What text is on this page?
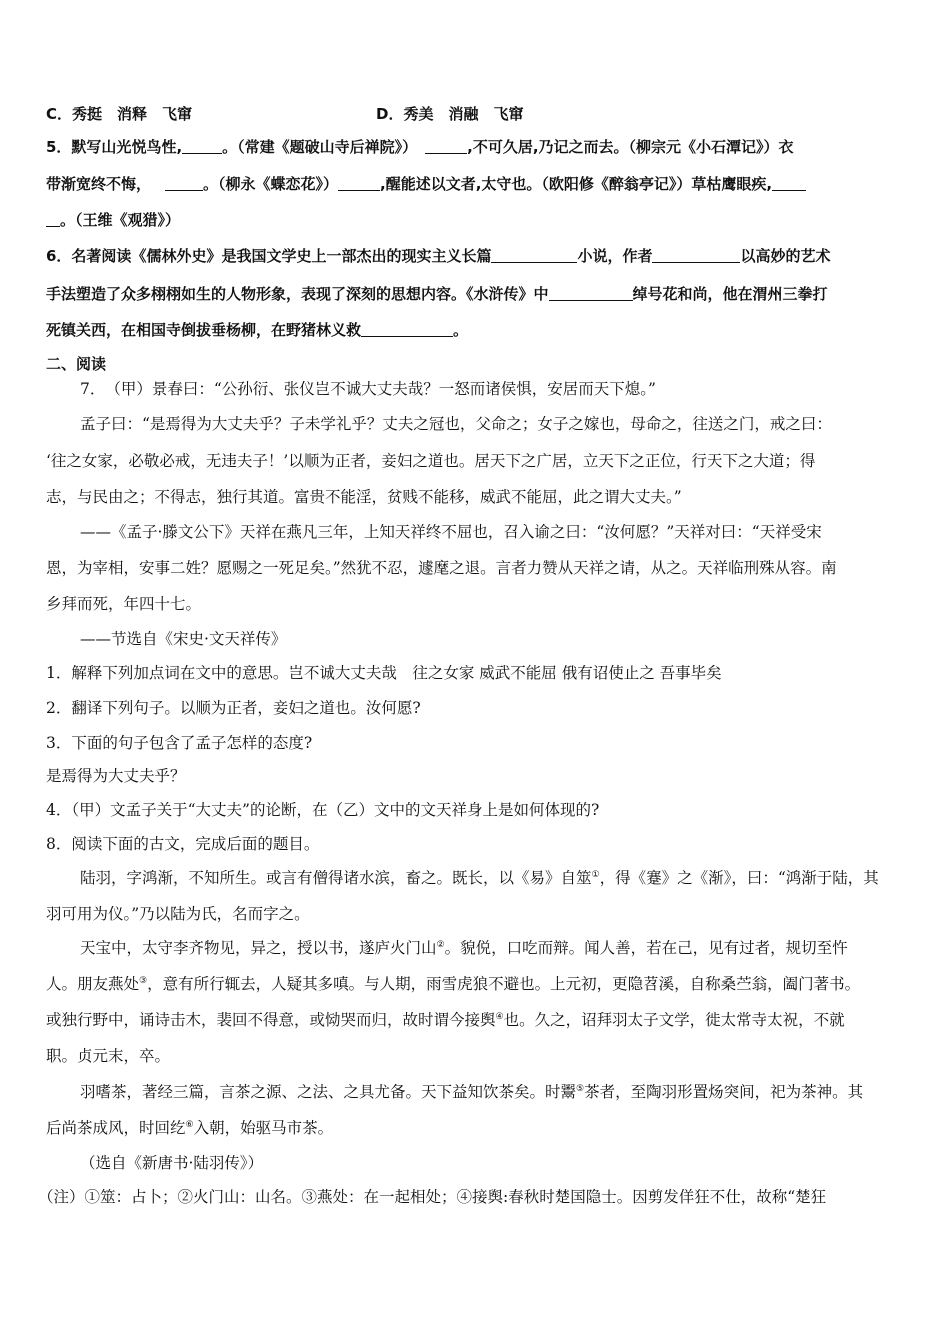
C．秀挺　消释　飞窜	D．秀美　消融　飞窜
5．默写山光悦鸟性,	。（常建《题破山寺后禅院》）	,不可久居,乃记之而去。（柳宗元《小石潭记》）衣
带渐宽终不悔，	。（柳永《蝶恋花》）	,醒能述以文者,太守也。（欧阳修《醉翁亭记》）草枯鹰眼疾,
。（王维《观猎》）
6．名著阅读《儒林外史》是我国文学史上一部杰出的现实主义长篇	小说，作者	以高妙的艺术
手法塑造了众多栩栩如生的人物形象，表现了深刻的思想内容。《水浒传》中	绰号花和尚，他在渭州三拳打
死镇关西，在相国寺倒拔垂杨柳，在野猪林义救	。
二、阅读
7．　（甲）景春曰：“公孙衍、张仪岂不诚大丈夫哉？一怒而诸侯惧，安居而天下熄。”
孟子曰：“是焉得为大丈夫乎？子未学礼乎？丈夫之冠也，父命之；女子之嫁也，母命之，往送之门，戒之曰：
‘往之女家，必敬必戒，无违夫子！’以顺为正者，妾妇之道也。居天下之广居，立天下之正位，行天下之大道；得
志，与民由之；不得志，独行其道。富贵不能淫，贫贱不能移，威武不能屈，此之谓大丈夫。”
——《孟子·滕文公下》天祥在燕凡三年，上知天祥终不屈也，召入谕之曰：“汝何愿？”天祥对曰：“天祥受宋
恩，为宰相，安事二姓？愿赐之一死足矣。”然犹不忍，遽麾之退。言者力赞从天祥之请，从之。天祥临刑殊从容。南
乡拜而死，年四十七。
——节选自《宋史·文天祥传》
1．解释下列加点词在文中的意思。岂不诚大丈夫哉　往之女家 威武不能屈 俄有诏使止之 吾事毕矣
2．翻译下列句子。以顺为正者，妾妇之道也。汝何愿?
3．下面的句子包含了孟子怎样的态度?
是焉得为大丈夫乎？
4．（甲）文孟子关于“大丈夫”的论断，在（乙）文中的文天祥身上是如何体现的?
8．阅读下面的古文，完成后面的题目。
陆羽，字鸿渐，不知所生。或言有僧得诸水滨，畜之。既长，以《易》自筮①，得《蹇》之《渐》，曰：“鸿渐于陆，其
羽可用为仪。”乃以陆为氏，名而字之。
天宝中，太守李齐物见，异之，授以书，遂庐火门山②。貌侻，口吃而辩。闻人善，若在己，见有过者，规切至忤
人。朋友燕处③，意有所行辄去，人疑其多嗔。与人期，雨雪虎狼不避也。上元初，更隐苕溪，自称桑苎翁，阖门著书。
或独行野中，诵诗击木，裴回不得意，或恸哭而归，故时谓今接舆④也。久之，诏拜羽太子文学，徙太常寺太祝，不就
职。贞元末，卒。
羽嗜茶，著经三篇，言茶之源、之法、之具尤备。天下益知饮茶矣。时鬻⑤茶者，至陶羽形置炀突间，祀为茶神。其
后尚茶成风，时回纥⑥入朝，始驱马市茶。
（选自《新唐书·陆羽传》）
（注）①筮：占卜；②火门山：山名。③燕处：在一起相处；④接舆:春秋时楚国隐士。因剪发佯狂不仕，故称“楚狂
